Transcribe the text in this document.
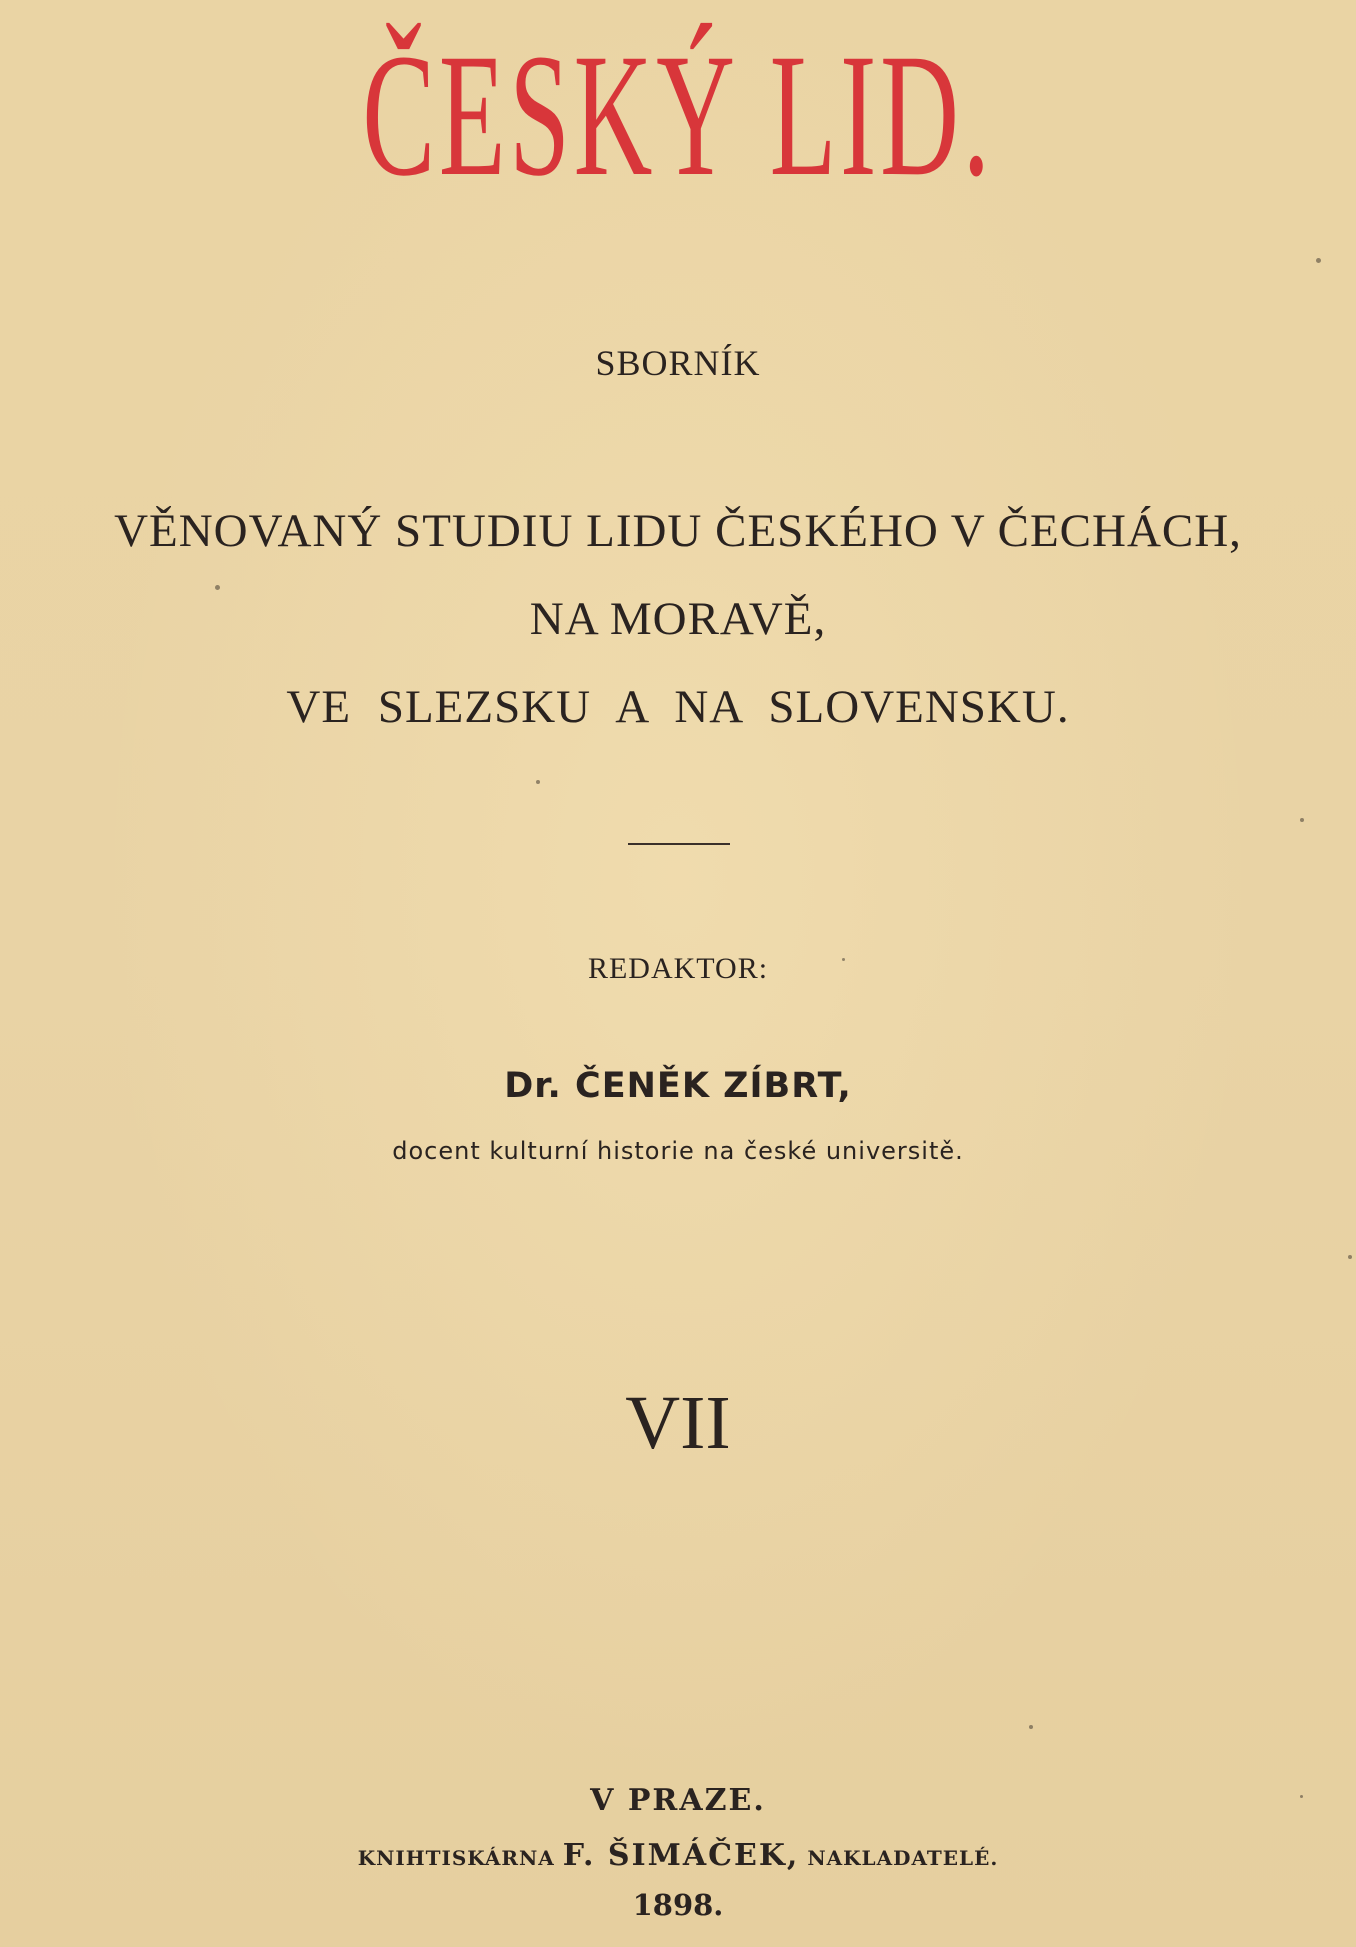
ČESKÝ LID.
SBORNÍK
VĚNOVANÝ STUDIU LIDU ČESKÉHO V ČECHÁCH,
NA MORAVĚ,
VE SLEZSKU A NA SLOVENSKU.
REDAKTOR:
Dr. ČENĚK ZÍBRT,
docent kulturní historie na české universitě.
VII
V PRAZE.
KNIHTISKÁRNA F. ŠIMÁČEK, NAKLADATELÉ.
1898.
